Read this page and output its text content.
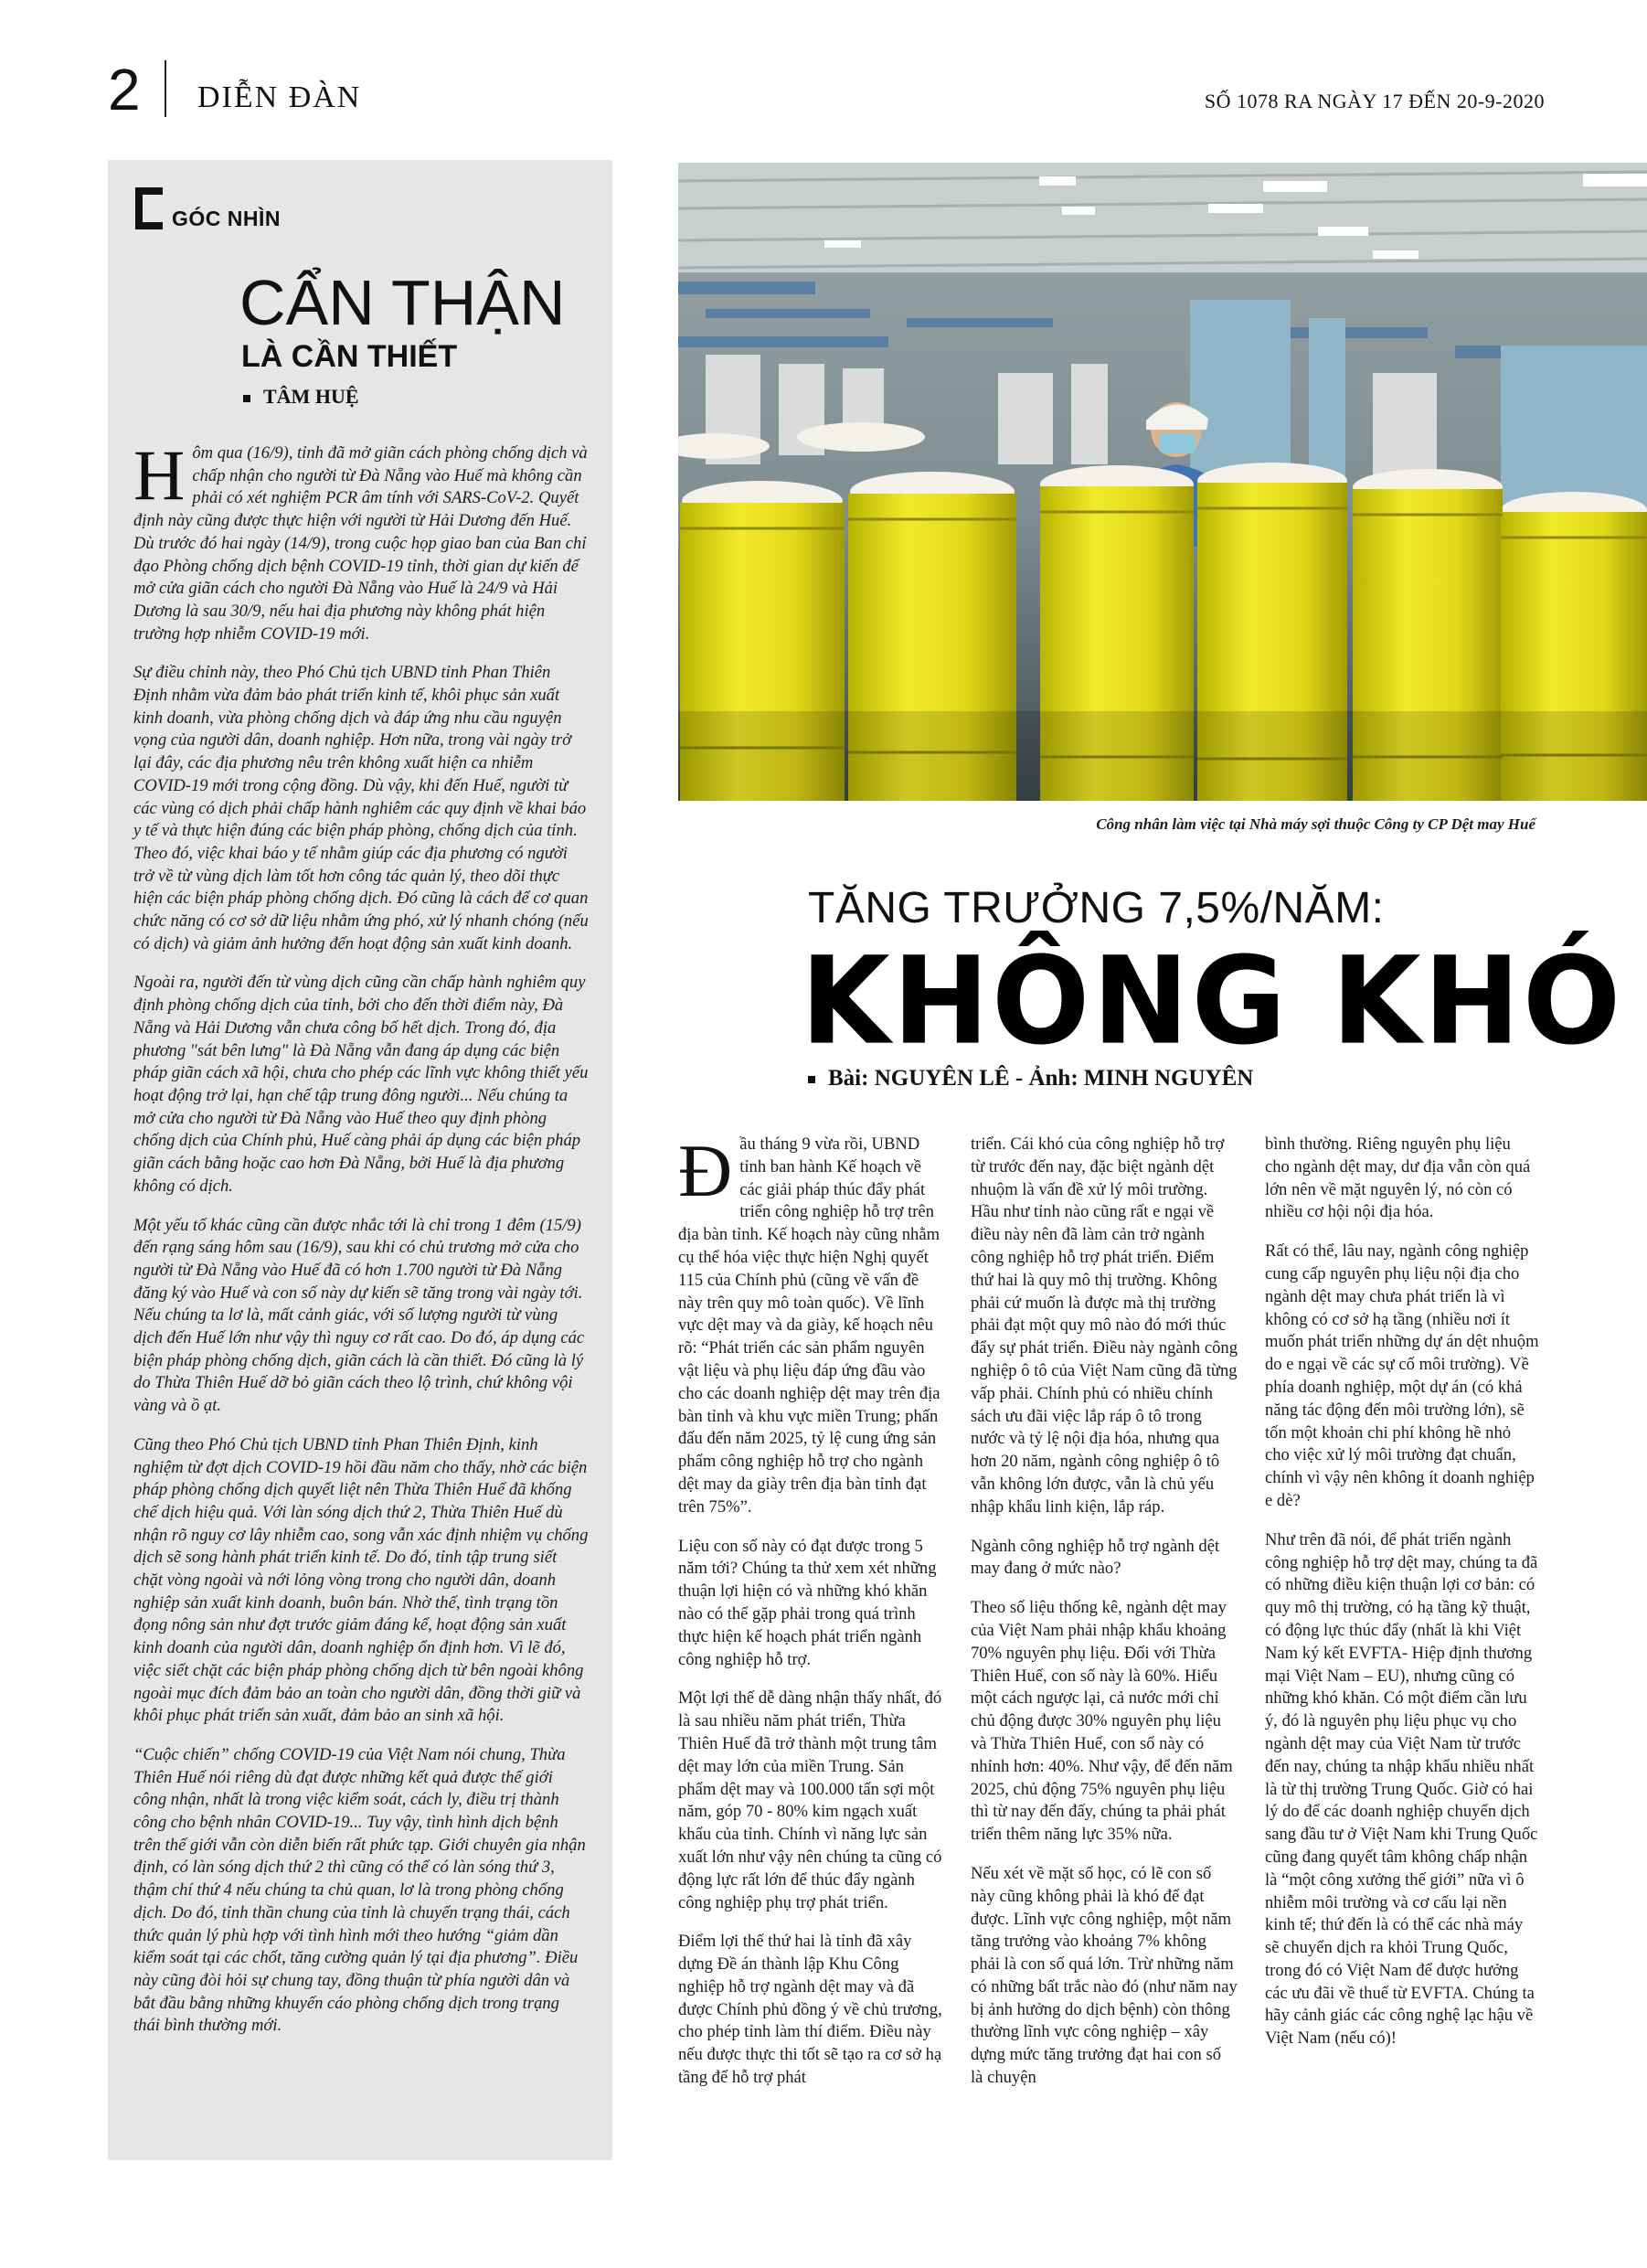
2 DIỄN ĐÀN	SỐ 1078 RA NGÀY 17 ĐẾN 20-9-2020
GÓC NHÌN
CẨN THẬN
LÀ CẦN THIẾT
TÂM HUỆ

Hôm qua (16/9), tỉnh đã mở giãn cách phòng chống dịch và chấp nhận cho người từ Đà Nẵng vào Huế mà không cần phải có xét nghiệm PCR âm tính với SARS-CoV-2. Quyết định này cũng được thực hiện với người từ Hải Dương đến Huế. Dù trước đó hai ngày (14/9), trong cuộc họp giao ban của Ban chỉ đạo Phòng chống dịch bệnh COVID-19 tỉnh, thời gian dự kiến để mở cửa giãn cách cho người Đà Nẵng vào Huế là 24/9 và Hải Dương là sau 30/9, nếu hai địa phương này không phát hiện trường hợp nhiễm COVID-19 mới.

Sự điều chỉnh này, theo Phó Chủ tịch UBND tỉnh Phan Thiên Định nhằm vừa đảm bảo phát triển kinh tế, khôi phục sản xuất kinh doanh, vừa phòng chống dịch và đáp ứng nhu cầu nguyện vọng của người dân, doanh nghiệp. Hơn nữa, trong vài ngày trở lại đây, các địa phương nêu trên không xuất hiện ca nhiễm COVID-19 mới trong cộng đồng. Dù vậy, khi đến Huế, người từ các vùng có dịch phải chấp hành nghiêm các quy định về khai báo y tế và thực hiện đúng các biện pháp phòng, chống dịch của tỉnh. Theo đó, việc khai báo y tế nhằm giúp các địa phương có người trở về từ vùng dịch làm tốt hơn công tác quản lý, theo dõi thực hiện các biện pháp phòng chống dịch. Đó cũng là cách để cơ quan chức năng có cơ sở dữ liệu nhằm ứng phó, xử lý nhanh chóng (nếu có dịch) và giảm ảnh hưởng đến hoạt động sản xuất kinh doanh.

Ngoài ra, người đến từ vùng dịch cũng cần chấp hành nghiêm quy định phòng chống dịch của tỉnh, bởi cho đến thời điểm này, Đà Nẵng và Hải Dương vẫn chưa công bố hết dịch. Trong đó, địa phương "sát bên lưng" là Đà Nẵng vẫn đang áp dụng các biện pháp giãn cách xã hội, chưa cho phép các lĩnh vực không thiết yếu hoạt động trở lại, hạn chế tập trung đông người... Nếu chúng ta mở cửa cho người từ Đà Nẵng vào Huế theo quy định phòng chống dịch của Chính phủ, Huế càng phải áp dụng các biện pháp giãn cách bằng hoặc cao hơn Đà Nẵng, bởi Huế là địa phương không có dịch.

Một yếu tố khác cũng cần được nhắc tới là chỉ trong 1 đêm (15/9) đến rạng sáng hôm sau (16/9), sau khi có chủ trương mở cửa cho người từ Đà Nẵng vào Huế đã có hơn 1.700 người từ Đà Nẵng đăng ký vào Huế và con số này dự kiến sẽ tăng trong vài ngày tới. Nếu chúng ta lơ là, mất cảnh giác, với số lượng người từ vùng dịch đến Huế lớn như vậy thì nguy cơ rất cao. Do đó, áp dụng các biện pháp phòng chống dịch, giãn cách là cần thiết. Đó cũng là lý do Thừa Thiên Huế dỡ bỏ giãn cách theo lộ trình, chứ không vội vàng và ồ ạt.

Cũng theo Phó Chủ tịch UBND tỉnh Phan Thiên Định, kinh nghiệm từ đợt dịch COVID-19 hồi đầu năm cho thấy, nhờ các biện pháp phòng chống dịch quyết liệt nên Thừa Thiên Huế đã khống chế dịch hiệu quả. Với làn sóng dịch thứ 2, Thừa Thiên Huế dù nhận rõ nguy cơ lây nhiễm cao, song vẫn xác định nhiệm vụ chống dịch sẽ song hành phát triển kinh tế. Do đó, tỉnh tập trung siết chặt vòng ngoài và nới lỏng vòng trong cho người dân, doanh nghiệp sản xuất kinh doanh, buôn bán. Nhờ thế, tình trạng tồn đọng nông sản như đợt trước giảm đáng kể, hoạt động sản xuất kinh doanh của người dân, doanh nghiệp ổn định hơn. Vì lẽ đó, việc siết chặt các biện pháp phòng chống dịch từ bên ngoài không ngoài mục đích đảm bảo an toàn cho người dân, đồng thời giữ và khôi phục phát triển sản xuất, đảm bảo an sinh xã hội.

“Cuộc chiến” chống COVID-19 của Việt Nam nói chung, Thừa Thiên Huế nói riêng dù đạt được những kết quả được thế giới công nhận, nhất là trong việc kiểm soát, cách ly, điều trị thành công cho bệnh nhân COVID-19... Tuy vậy, tình hình dịch bệnh trên thế giới vẫn còn diễn biến rất phức tạp. Giới chuyên gia nhận định, có làn sóng dịch thứ 2 thì cũng có thể có làn sóng thứ 3, thậm chí thứ 4 nếu chúng ta chủ quan, lơ là trong phòng chống dịch. Do đó, tỉnh thần chung của tỉnh là chuyển trạng thái, cách thức quản lý phù hợp với tình hình mới theo hướng “giảm dần kiểm soát tại các chốt, tăng cường quản lý tại địa phương”. Điều này cũng đòi hỏi sự chung tay, đồng thuận từ phía người dân và bắt đầu bằng những khuyến cáo phòng chống dịch trong trạng thái bình thường mới.

Công nhân làm việc tại Nhà máy sợi thuộc Công ty CP Dệt may Huế
TĂNG TRƯỞNG 7,5%/NĂM:
KHÔNG KHÓ
Bài: NGUYÊN LÊ - Ảnh: MINH NGUYÊN

Đầu tháng 9 vừa rồi, UBND tỉnh ban hành Kế hoạch về các giải pháp thúc đẩy phát triển công nghiệp hỗ trợ trên địa bàn tỉnh. Kế hoạch này cũng nhằm cụ thể hóa việc thực hiện Nghị quyết 115 của Chính phủ (cũng về vấn đề này trên quy mô toàn quốc). Về lĩnh vực dệt may và da giày, kế hoạch nêu rõ: “Phát triển các sản phẩm nguyên vật liệu và phụ liệu đáp ứng đầu vào cho các doanh nghiệp dệt may trên địa bàn tỉnh và khu vực miền Trung; phấn đấu đến năm 2025, tỷ lệ cung ứng sản phẩm công nghiệp hỗ trợ cho ngành dệt may da giày trên địa bàn tỉnh đạt trên 75%”.

Liệu con số này có đạt được trong 5 năm tới? Chúng ta thử xem xét những thuận lợi hiện có và những khó khăn nào có thể gặp phải trong quá trình thực hiện kế hoạch phát triển ngành công nghiệp hỗ trợ.

Một lợi thế dễ dàng nhận thấy nhất, đó là sau nhiều năm phát triển, Thừa Thiên Huế đã trở thành một trung tâm dệt may lớn của miền Trung. Sản phẩm dệt may và 100.000 tấn sợi một năm, góp 70 - 80% kim ngạch xuất khẩu của tỉnh. Chính vì năng lực sản xuất lớn như vậy nên chúng ta cũng có động lực rất lớn để thúc đẩy ngành công nghiệp phụ trợ phát triển.

Điểm lợi thế thứ hai là tỉnh đã xây dựng Đề án thành lập Khu Công nghiệp hỗ trợ ngành dệt may và đã được Chính phủ đồng ý về chủ trương, cho phép tỉnh làm thí điểm. Điều này nếu được thực thi tốt sẽ tạo ra cơ sở hạ tầng để hỗ trợ phát

triển. Cái khó của công nghiệp hỗ trợ từ trước đến nay, đặc biệt ngành dệt nhuộm là vấn đề xử lý môi trường. Hầu như tỉnh nào cũng rất e ngại về điều này nên đã làm cản trở ngành công nghiệp hỗ trợ phát triển. Điểm thứ hai là quy mô thị trường. Không phải cứ muốn là được mà thị trường phải đạt một quy mô nào đó mới thúc đẩy sự phát triển. Điều này ngành công nghiệp ô tô của Việt Nam cũng đã từng vấp phải. Chính phủ có nhiều chính sách ưu đãi việc lắp ráp ô tô trong nước và tỷ lệ nội địa hóa, nhưng qua hơn 20 năm, ngành công nghiệp ô tô vẫn không lớn được, vẫn là chủ yếu nhập khẩu linh kiện, lắp ráp.

Ngành công nghiệp hỗ trợ ngành dệt may đang ở mức nào?

Theo số liệu thống kê, ngành dệt may của Việt Nam phải nhập khẩu khoảng 70% nguyên phụ liệu. Đối với Thừa Thiên Huế, con số này là 60%. Hiểu một cách ngược lại, cả nước mới chỉ chủ động được 30% nguyên phụ liệu và Thừa Thiên Huế, con số này có nhỉnh hơn: 40%. Như vậy, để đến năm 2025, chủ động 75% nguyên phụ liệu thì từ nay đến đấy, chúng ta phải phát triển thêm năng lực 35% nữa.

Nếu xét về mặt số học, có lẽ con số này cũng không phải là khó để đạt được. Lĩnh vực công nghiệp, một năm tăng trưởng vào khoảng 7% không phải là con số quá lớn. Trừ những năm có những bất trắc nào đó (như năm nay bị ảnh hưởng do dịch bệnh) còn thông thường lĩnh vực công nghiệp – xây dựng mức tăng trưởng đạt hai con số là chuyện

bình thường. Riêng nguyên phụ liệu cho ngành dệt may, dư địa vẫn còn quá lớn nên về mặt nguyên lý, nó còn có nhiều cơ hội nội địa hóa.

Rất có thể, lâu nay, ngành công nghiệp cung cấp nguyên phụ liệu nội địa cho ngành dệt may chưa phát triển là vì không có cơ sở hạ tầng (nhiều nơi ít muốn phát triển những dự án dệt nhuộm do e ngại về các sự cố môi trường). Về phía doanh nghiệp, một dự án (có khả năng tác động đến môi trường lớn), sẽ tốn một khoản chi phí không hề nhỏ cho việc xử lý môi trường đạt chuẩn, chính vì vậy nên không ít doanh nghiệp e dè?

Như trên đã nói, để phát triển ngành công nghiệp hỗ trợ dệt may, chúng ta đã có những điều kiện thuận lợi cơ bản: có quy mô thị trường, có hạ tầng kỹ thuật, có động lực thúc đẩy (nhất là khi Việt Nam ký kết EVFTA- Hiệp định thương mại Việt Nam – EU), nhưng cũng có những khó khăn. Có một điểm cần lưu ý, đó là nguyên phụ liệu phục vụ cho ngành dệt may của Việt Nam từ trước đến nay, chúng ta nhập khẩu nhiều nhất là từ thị trường Trung Quốc. Giờ có hai lý do để các doanh nghiệp chuyển dịch sang đầu tư ở Việt Nam khi Trung Quốc cũng đang quyết tâm không chấp nhận là “một công xưởng thế giới” nữa vì ô nhiễm môi trường và cơ cấu lại nền kinh tế; thứ đến là có thể các nhà máy sẽ chuyển dịch ra khỏi Trung Quốc, trong đó có Việt Nam để được hưởng các ưu đãi về thuế từ EVFTA. Chúng ta hãy cảnh giác các công nghệ lạc hậu về Việt Nam (nếu có)!
